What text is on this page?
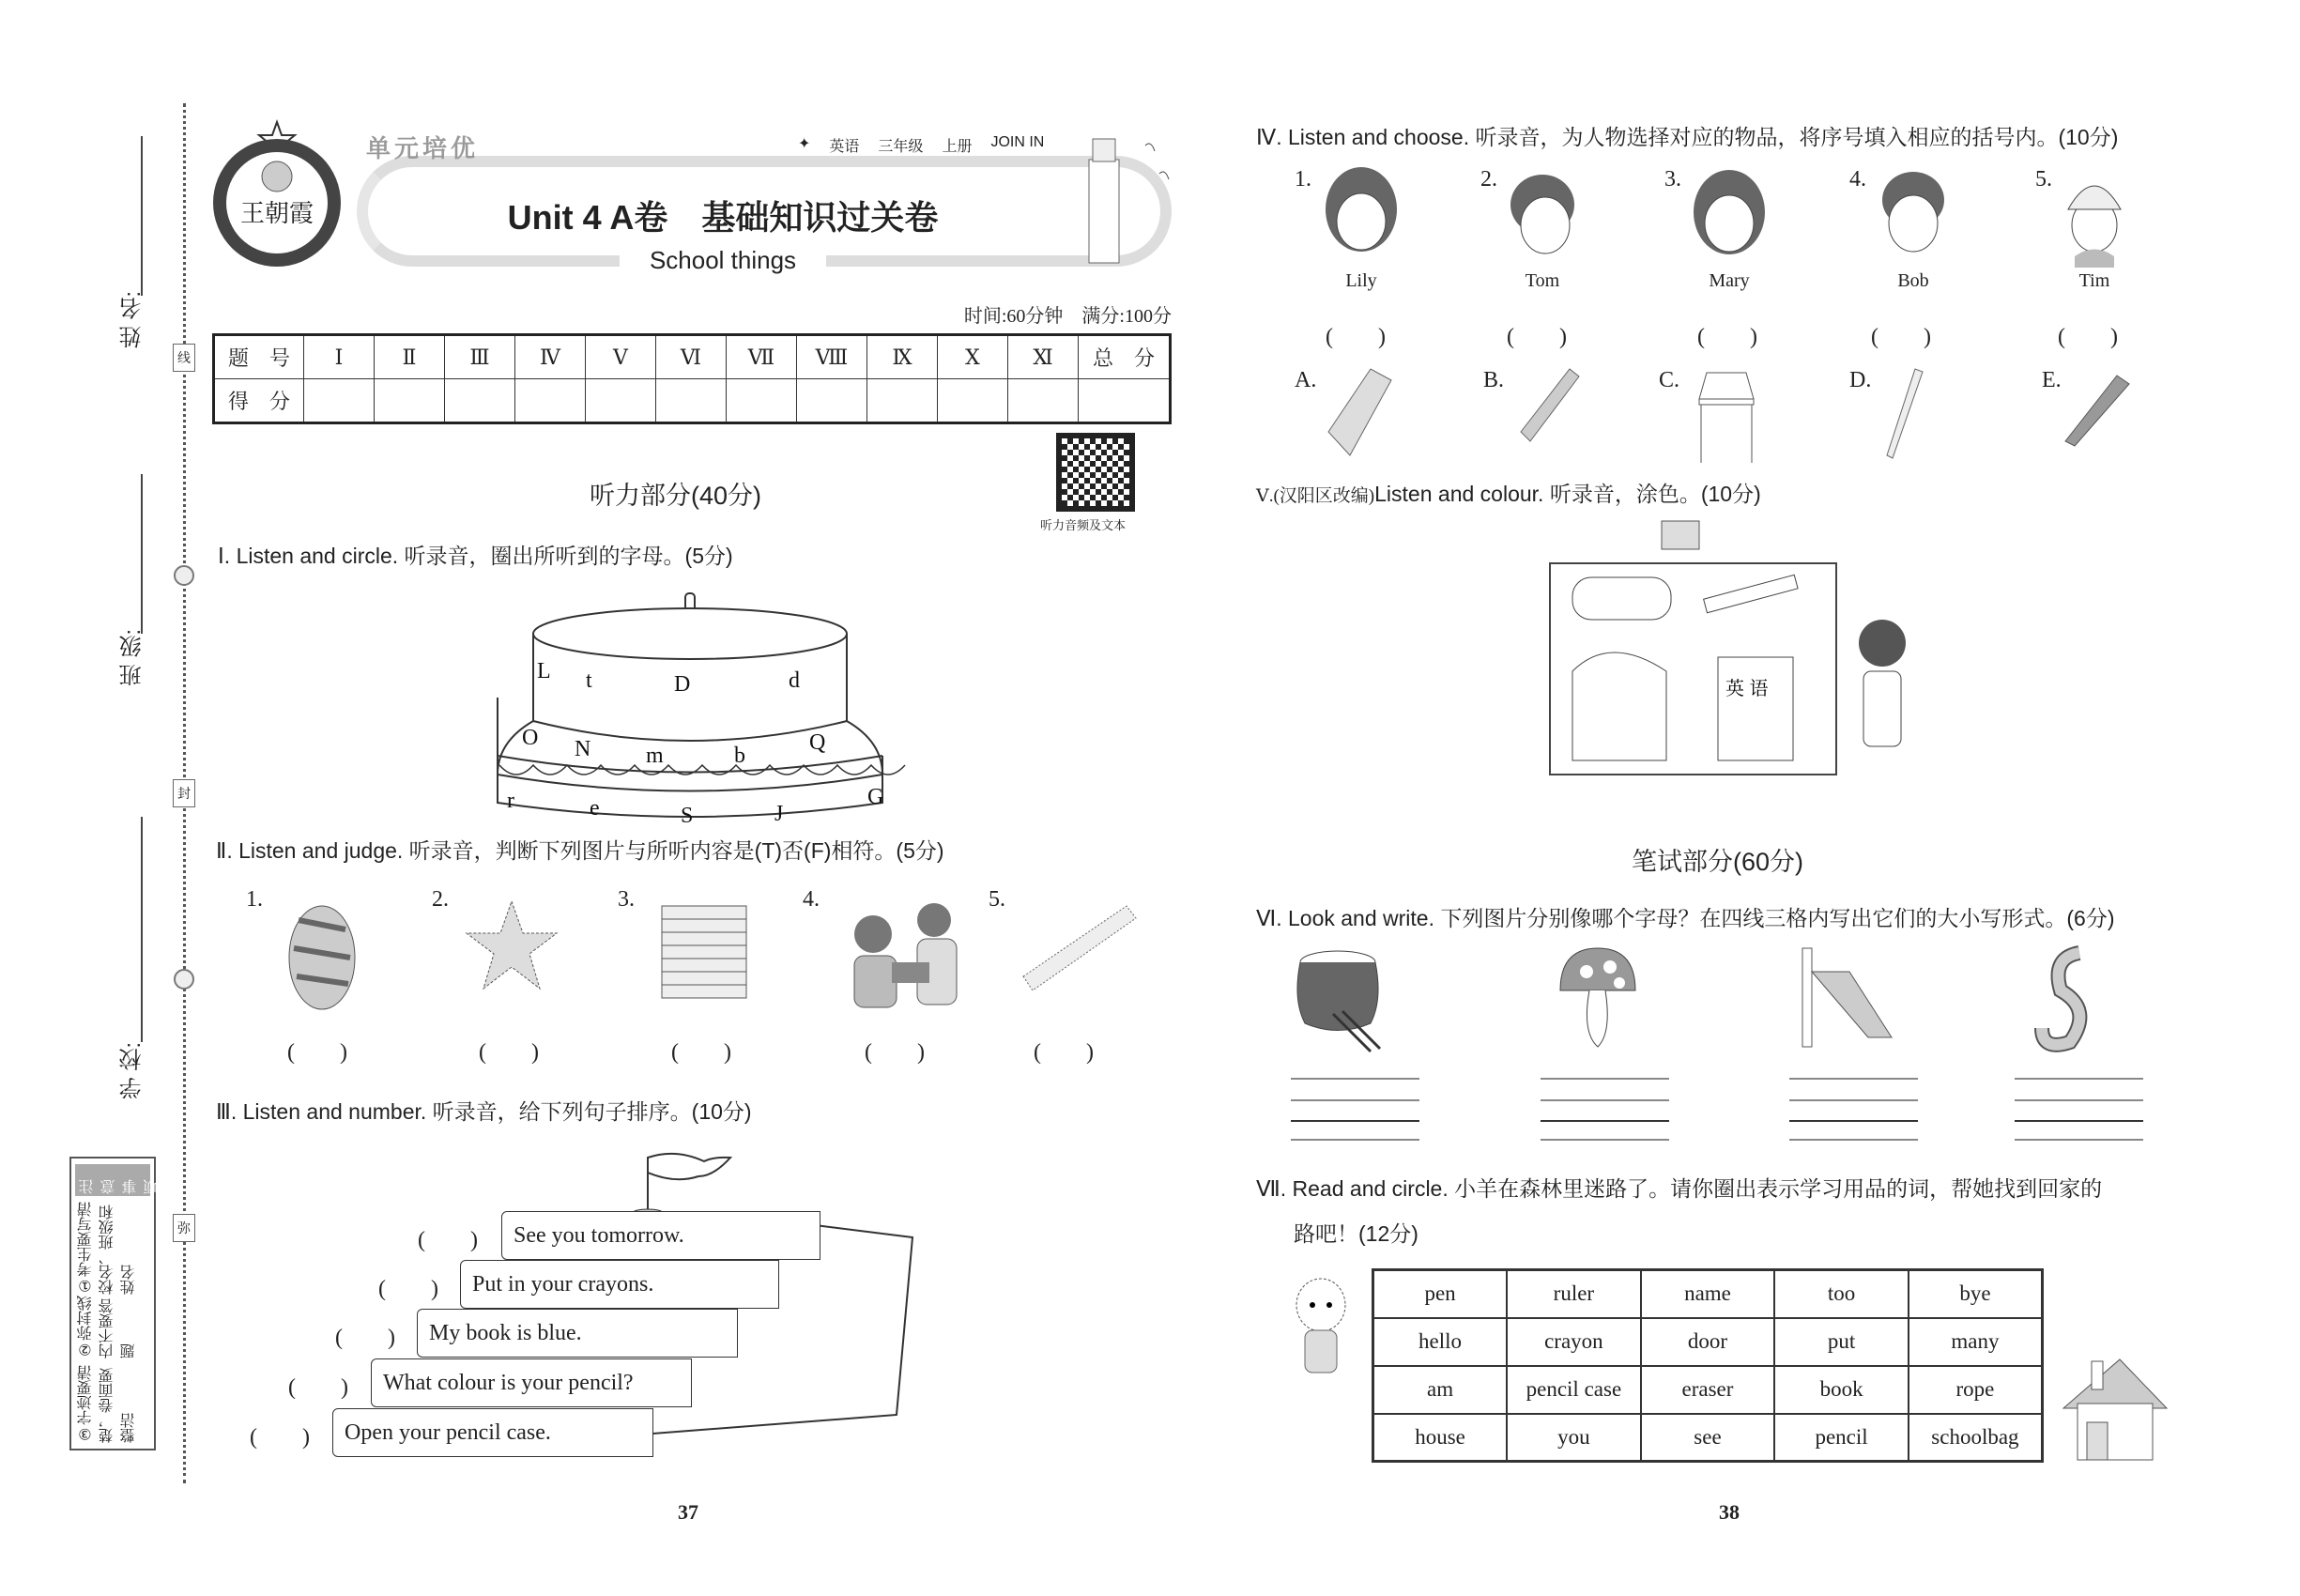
线
封
弥
姓 名:
班 级:
学 校:
注意事项
①考生要写清校名、班级和姓名
②弥封线内不要答题
③字迹要清楚，卷面要整洁
王朝霞
单元培优	✦ 英语 三年级 上册 JOIN IN
Unit 4 A卷　基础知识过关卷
School things
时间:60分钟　满分:100分
题　号	Ⅰ	Ⅱ	Ⅲ	Ⅳ	Ⅴ	Ⅵ	Ⅶ	Ⅷ	Ⅸ	Ⅹ	Ⅺ	总　分
得　分												
听力音频及文本
听力部分(40分)
Ⅰ. Listen and circle. 听录音，圈出所听到的字母。(5分)
L t	D	d
O N m	b
Q
r	e	S	J
G
Ⅱ. Listen and judge. 听录音，判断下列图片与所听内容是(T)否(F)相符。(5分)
1.	2.	3.	4.	5.
(　　)	(　　)	(　　)	(　　)	(　　)
Ⅲ. Listen and number. 听录音，给下列句子排序。(10分)
See you tomorrow.
Put in your crayons.
My book is blue.
What colour is your pencil?
Open your pencil case.
(　　)
(　　)
(　　)
(　　)
(　　)
37	38
Ⅳ. Listen and choose. 听录音，为人物选择对应的物品，将序号填入相应的括号内。(10分)
1.	2.	3.	4.	5.
Lily	Tom	Mary	Bob	Tim
(　　)	(　　)	(　　)	(　　)	(　　)
A.	B.	C.	D.	E.
Ⅴ.(汉阳区改编)Listen and colour. 听录音，涂色。(10分)
英 语
笔试部分(60分)
Ⅵ. Look and write. 下列图片分别像哪个字母？在四线三格内写出它们的大小写形式。(6分)
Ⅶ. Read and circle. 小羊在森林里迷路了。请你圈出表示学习用品的词，帮她找到回家的
路吧！(12分)
pen	ruler	name	too	bye
hello	crayon	door	put	many
am	pencil case	eraser	book	rope
house	you	see	pencil	schoolbag
